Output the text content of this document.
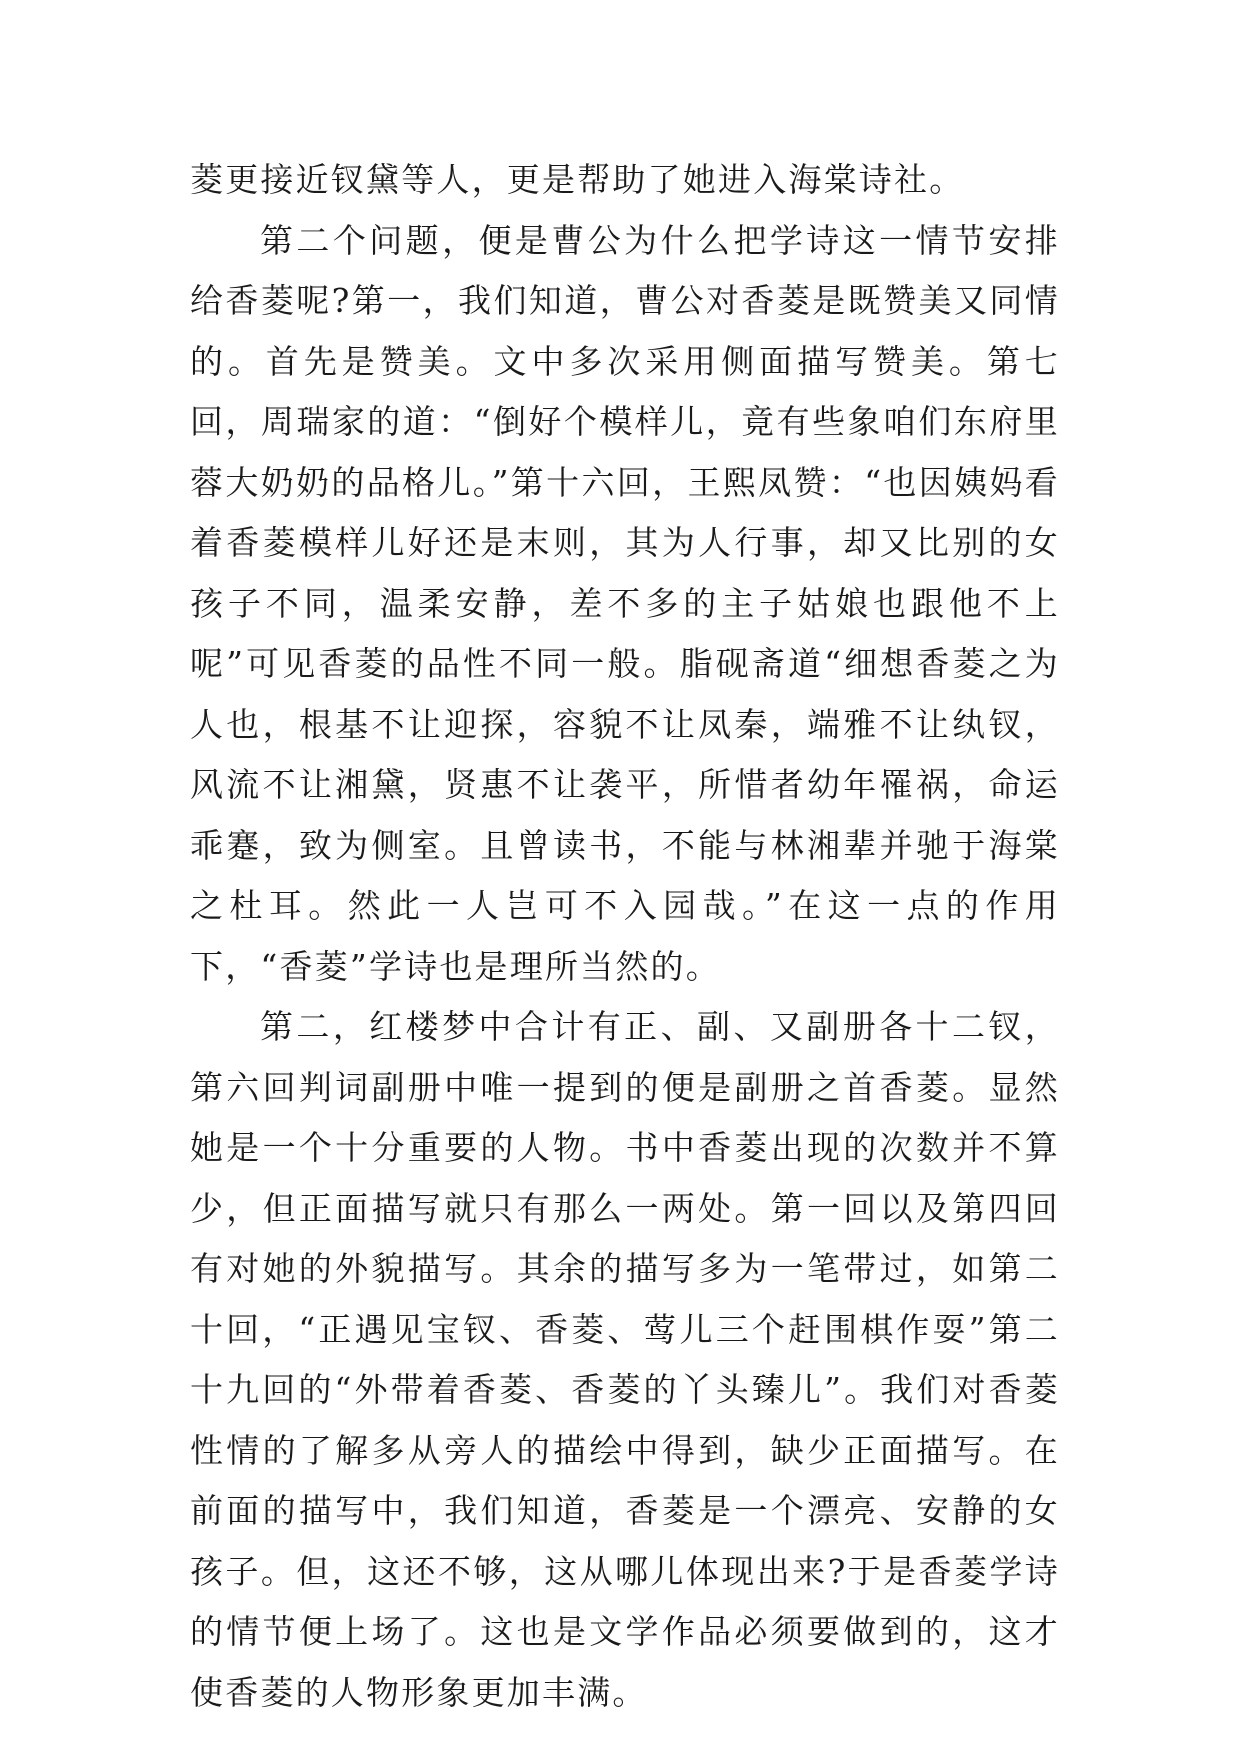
菱更接近钗黛等人，更是帮助了她进入海棠诗社。

第二个问题，便是曹公为什么把学诗这一情节安排给香菱呢?第一，我们知道，曹公对香菱是既赞美又同情的。首先是赞美。文中多次采用侧面描写赞美。第七回，周瑞家的道：“倒好个模样儿，竟有些象咱们东府里蓉大奶奶的品格儿。”第十六回，王熙凤赞：“也因姨妈看着香菱模样儿好还是末则，其为人行事，却又比别的女孩子不同，温柔安静，差不多的主子姑娘也跟他不上呢”可见香菱的品性不同一般。脂砚斋道“细想香菱之为人也，根基不让迎探，容貌不让凤秦，端雅不让纨钗，风流不让湘黛，贤惠不让袭平，所惜者幼年罹祸，命运乖蹇，致为侧室。且曾读书，不能与林湘辈并驰于海棠之杜耳。然此一人岂可不入园哉。”在这一点的作用下，“香菱”学诗也是理所当然的。

第二，红楼梦中合计有正、副、又副册各十二钗，第六回判词副册中唯一提到的便是副册之首香菱。显然她是一个十分重要的人物。书中香菱出现的次数并不算少，但正面描写就只有那么一两处。第一回以及第四回有对她的外貌描写。其余的描写多为一笔带过，如第二十回，“正遇见宝钗、香菱、莺儿三个赶围棋作耍”第二十九回的“外带着香菱、香菱的丫头臻儿”。我们对香菱性情的了解多从旁人的描绘中得到，缺少正面描写。在前面的描写中，我们知道，香菱是一个漂亮、安静的女孩子。但，这还不够，这从哪儿体现出来?于是香菱学诗的情节便上场了。这也是文学作品必须要做到的，这才使香菱的人物形象更加丰满。
